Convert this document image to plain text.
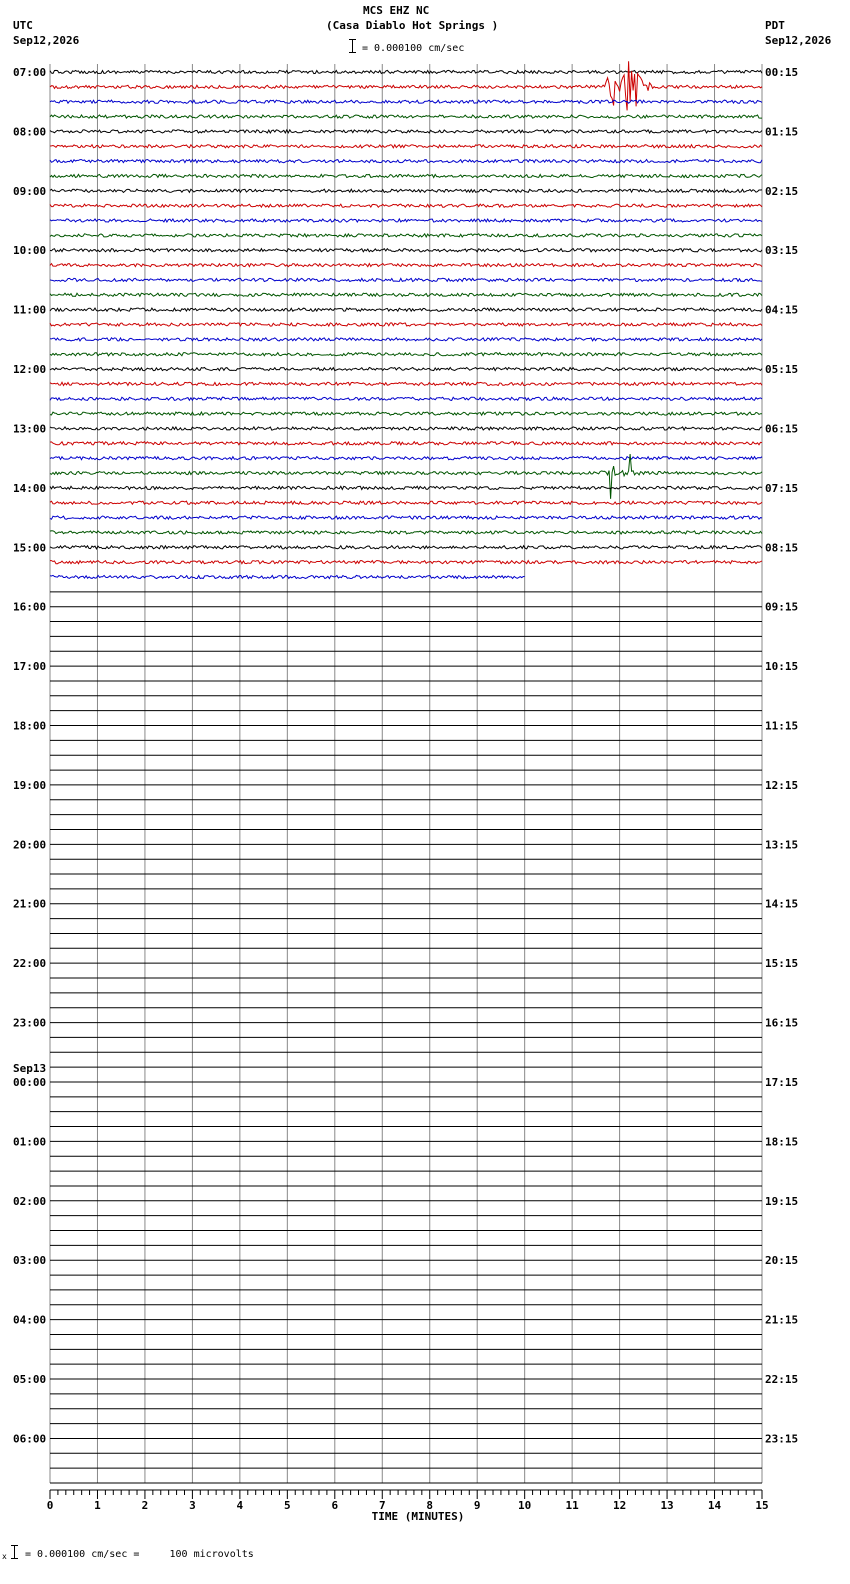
MCS EHZ NC
(Casa Diablo Hot Springs )
= 0.000100 cm/sec
UTC
Sep12,2026
PDT
Sep12,2026
07:00	00:15
08:00	01:15
09:00	02:15
10:00	03:15
11:00	04:15
12:00	05:15
13:00	06:15
14:00	07:15
15:00	08:15
16:00	09:15
17:00	10:15
18:00	11:15
19:00	12:15
20:00	13:15
21:00	14:15
22:00	15:15
23:00	16:15
00:00	17:15
Sep13
01:00	18:15
02:00	19:15
03:00	20:15
04:00	21:15
05:00	22:15
06:00	23:15
0	1	2	3	4	5	6	7	8	9	10	11	12	13	14	15
TIME (MINUTES)
x = 0.000100 cm/sec =     100 microvolts
